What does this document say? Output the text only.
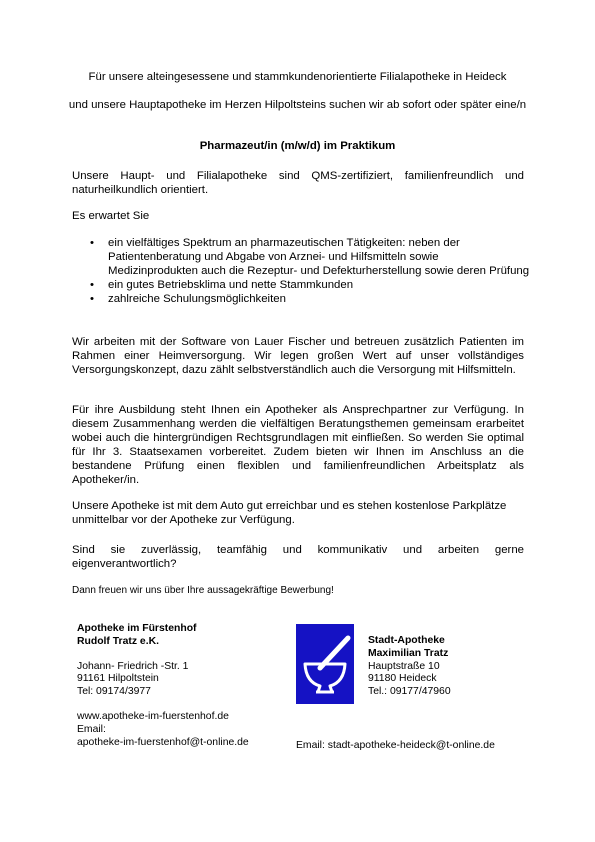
Für unsere alteingesessene und stammkundenorientierte Filialapotheke in Heideck

und unsere Hauptapotheke im Herzen Hilpoltsteins suchen wir ab sofort oder später eine/n

Pharmazeut/in (m/w/d) im Praktikum

Unsere Haupt- und Filialapotheke sind QMS-zertifiziert, familienfreundlich und naturheilkundlich orientiert.

Es erwartet Sie

• ein vielfältiges Spektrum an pharmazeutischen Tätigkeiten: neben der Patientenberatung und Abgabe von Arznei- und Hilfsmitteln sowie Medizinprodukten auch die Rezeptur- und Defekturherstellung sowie deren Prüfung
• ein gutes Betriebsklima und nette Stammkunden
• zahlreiche Schulungsmöglichkeiten

Wir arbeiten mit der Software von Lauer Fischer und betreuen zusätzlich Patienten im Rahmen einer Heimversorgung. Wir legen großen Wert auf unser vollständiges Versorgungskonzept, dazu zählt selbstverständlich auch die Versorgung mit Hilfsmitteln.

Für ihre Ausbildung steht Ihnen ein Apotheker als Ansprechpartner zur Verfügung. In diesem Zusammenhang werden die vielfältigen Beratungsthemen gemeinsam erarbeitet wobei auch die hintergründigen Rechtsgrundlagen mit einfließen. So werden Sie optimal für Ihr 3. Staatsexamen vorbereitet. Zudem bieten wir Ihnen im Anschluss an die bestandene Prüfung einen flexiblen und familienfreundlichen Arbeitsplatz als Apotheker/in.

Unsere Apotheke ist mit dem Auto gut erreichbar und es stehen kostenlose Parkplätze unmittelbar vor der Apotheke zur Verfügung.

Sind sie zuverlässig, teamfähig und kommunikativ und arbeiten gerne eigenverantwortlich?

Dann freuen wir uns über Ihre aussagekräftige Bewerbung!

Apotheke im Fürstenhof
Rudolf Tratz e.K.
Johann- Friedrich -Str. 1
91161 Hilpoltstein
Tel: 09174/3977
www.apotheke-im-fuerstenhof.de
Email:
apotheke-im-fuerstenhof@t-online.de
Stadt-Apotheke
Maximilian Tratz
Hauptstraße 10
91180 Heideck
Tel.: 09177/47960
Email: stadt-apotheke-heideck@t-online.de
